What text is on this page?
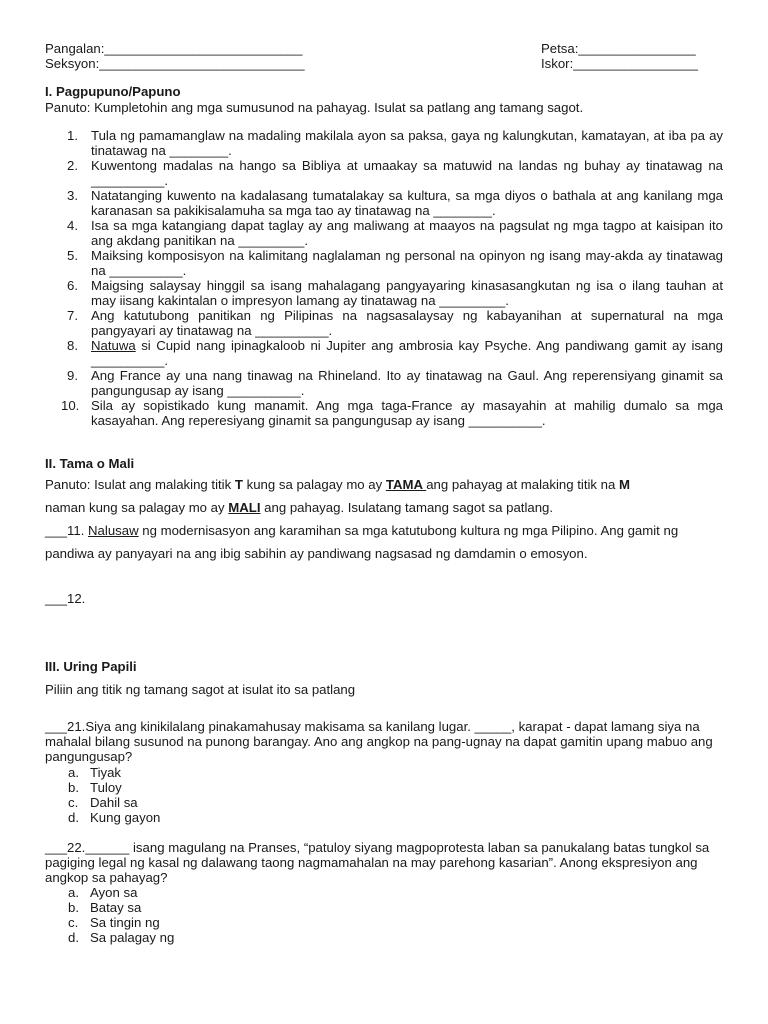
Pangalan:___________________________
Seksyon:____________________________
Petsa:________________
Iskor:_________________
I. Pagpupuno/Papuno
Panuto: Kumpletohin ang mga sumusunod na pahayag. Isulat sa patlang ang tamang sagot.
1. Tula ng pamamanglaw na madaling makilala ayon sa paksa, gaya ng kalungkutan, kamatayan, at iba pa ay tinatawag na ________.
2. Kuwentong madalas na hango sa Bibliya at umaakay sa matuwid na landas ng buhay ay tinatawag na __________.
3. Natatanging kuwento na kadalasang tumatalakay sa kultura, sa mga diyos o bathala at ang kanilang mga karanasan sa pakikisalamuha sa mga tao ay tinatawag na ________.
4. Isa sa mga katangiang dapat taglay ay ang maliwang at maayos na pagsulat ng mga tagpo at kaisipan ito ang akdang panitikan na _________.
5. Maiksing komposisyon na kalimitang naglalaman ng personal na opinyon ng isang may-akda ay tinatawag na __________.
6. Maigsing salaysay hinggil sa isang mahalagang pangyayaring kinasasangkutan ng isa o ilang tauhan at may iisang kakintalan o impresyon lamang ay tinatawag na _________.
7. Ang katutubong panitikan ng Pilipinas na nagsasalaysay ng kabayanihan at supernatural na mga pangyayari ay tinatawag na __________.
8. Natuwa si Cupid nang ipinagkaloob ni Jupiter ang ambrosia kay Psyche. Ang pandiwang gamit ay isang __________.
9. Ang France ay una nang tinawag na Rhineland. Ito ay tinatawag na Gaul. Ang reperensiyang ginamit sa pangungusap ay isang __________.
10. Sila ay sopistikado kung manamit. Ang mga taga-France ay masayahin at mahilig dumalo sa mga kasayahan. Ang reperesiyang ginamit sa pangungusap ay isang __________.
II. Tama o Mali
Panuto: Isulat ang malaking titik T kung sa palagay mo ay TAMA ang pahayag at malaking titik na M
naman kung sa palagay mo ay MALI ang pahayag. Isulatang tamang sagot sa patlang.
___11. Nalusaw ng modernisasyon ang karamihan sa mga katutubong kultura ng mga Pilipino. Ang gamit ng pandiwa ay panyayari na ang ibig sabihin ay pandiwang nagsasad ng damdamin o emosyon.
___12.
III. Uring Papili
Piliin ang titik ng tamang sagot at isulat ito sa patlang
___21.Siya ang kinikilalang pinakamahusay makisama sa kanilang lugar. _____, karapat - dapat lamang siya na mahalal bilang susunod na punong barangay. Ano ang angkop na pang-ugnay na dapat gamitin upang mabuo ang pangungusap?
a. Tiyak
b. Tuloy
c. Dahil sa
d. Kung gayon
___22.______ isang magulang na Pranses, “patuloy siyang magpoprotesta laban sa panukalang batas tungkol sa pagiging legal ng kasal ng dalawang taong nagmamahalan na may parehong kasarian”. Anong ekspresiyon ang angkop sa pahayag?
a. Ayon sa
b. Batay sa
c. Sa tingin ng
d. Sa palagay ng
